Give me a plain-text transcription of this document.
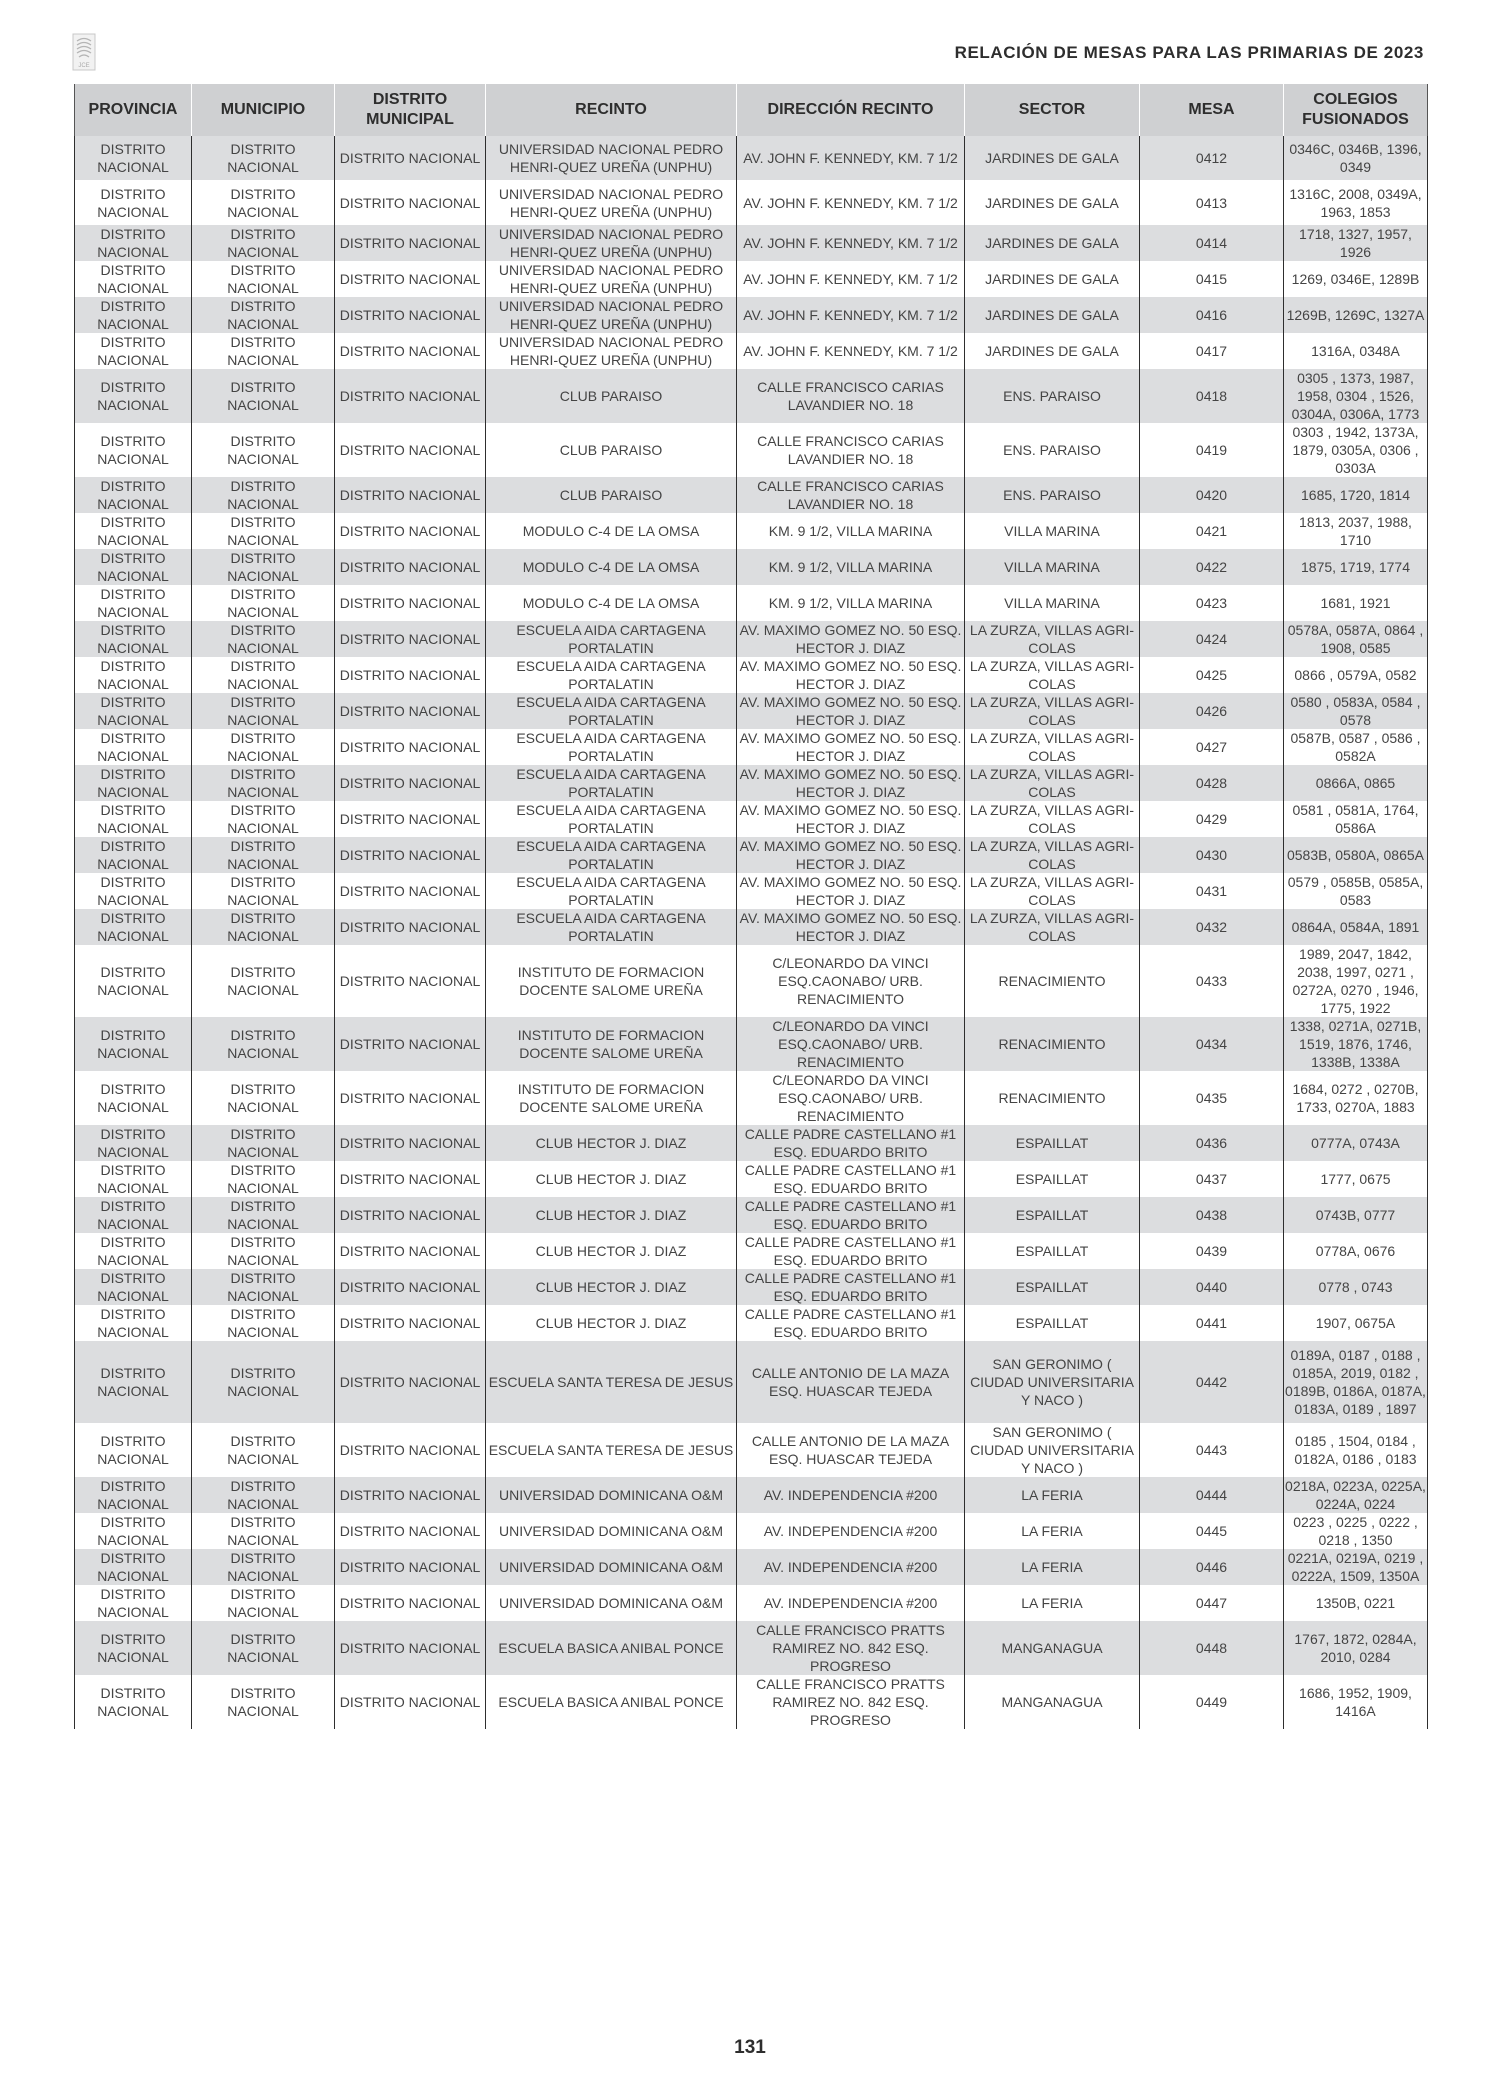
JCE
RELACIÓN DE MESAS PARA LAS PRIMARIAS DE 2023
PROVINCIA	MUNICIPIO	DISTRITO MUNICIPAL	RECINTO	DIRECCIÓN RECINTO	SECTOR	MESA	COLEGIOS FUSIONADOS
DISTRITO NACIONAL	DISTRITO NACIONAL	DISTRITO NACIONAL	UNIVERSIDAD NACIONAL PEDRO HENRI-QUEZ UREÑA (UNPHU)	AV. JOHN F. KENNEDY, KM. 7 1/2	JARDINES DE GALA	0412	0346C, 0346B, 1396, 0349
DISTRITO NACIONAL	DISTRITO NACIONAL	DISTRITO NACIONAL	UNIVERSIDAD NACIONAL PEDRO HENRI-QUEZ UREÑA (UNPHU)	AV. JOHN F. KENNEDY, KM. 7 1/2	JARDINES DE GALA	0413	1316C, 2008, 0349A, 1963, 1853
DISTRITO NACIONAL	DISTRITO NACIONAL	DISTRITO NACIONAL	UNIVERSIDAD NACIONAL PEDRO HENRI-QUEZ UREÑA (UNPHU)	AV. JOHN F. KENNEDY, KM. 7 1/2	JARDINES DE GALA	0414	1718, 1327, 1957, 1926
DISTRITO NACIONAL	DISTRITO NACIONAL	DISTRITO NACIONAL	UNIVERSIDAD NACIONAL PEDRO HENRI-QUEZ UREÑA (UNPHU)	AV. JOHN F. KENNEDY, KM. 7 1/2	JARDINES DE GALA	0415	1269, 0346E, 1289B
DISTRITO NACIONAL	DISTRITO NACIONAL	DISTRITO NACIONAL	UNIVERSIDAD NACIONAL PEDRO HENRI-QUEZ UREÑA (UNPHU)	AV. JOHN F. KENNEDY, KM. 7 1/2	JARDINES DE GALA	0416	1269B, 1269C, 1327A
DISTRITO NACIONAL	DISTRITO NACIONAL	DISTRITO NACIONAL	UNIVERSIDAD NACIONAL PEDRO HENRI-QUEZ UREÑA (UNPHU)	AV. JOHN F. KENNEDY, KM. 7 1/2	JARDINES DE GALA	0417	1316A, 0348A
DISTRITO NACIONAL	DISTRITO NACIONAL	DISTRITO NACIONAL	CLUB PARAISO	CALLE FRANCISCO CARIAS LAVANDIER NO. 18	ENS. PARAISO	0418	0305 , 1373, 1987, 1958, 0304 , 1526, 0304A, 0306A, 1773
DISTRITO NACIONAL	DISTRITO NACIONAL	DISTRITO NACIONAL	CLUB PARAISO	CALLE FRANCISCO CARIAS LAVANDIER NO. 18	ENS. PARAISO	0419	0303 , 1942, 1373A, 1879, 0305A, 0306 , 0303A
DISTRITO NACIONAL	DISTRITO NACIONAL	DISTRITO NACIONAL	CLUB PARAISO	CALLE FRANCISCO CARIAS LAVANDIER NO. 18	ENS. PARAISO	0420	1685, 1720, 1814
DISTRITO NACIONAL	DISTRITO NACIONAL	DISTRITO NACIONAL	MODULO C-4 DE LA OMSA	KM. 9 1/2, VILLA MARINA	VILLA MARINA	0421	1813, 2037, 1988, 1710
DISTRITO NACIONAL	DISTRITO NACIONAL	DISTRITO NACIONAL	MODULO C-4 DE LA OMSA	KM. 9 1/2, VILLA MARINA	VILLA MARINA	0422	1875, 1719, 1774
DISTRITO NACIONAL	DISTRITO NACIONAL	DISTRITO NACIONAL	MODULO C-4 DE LA OMSA	KM. 9 1/2, VILLA MARINA	VILLA MARINA	0423	1681, 1921
DISTRITO NACIONAL	DISTRITO NACIONAL	DISTRITO NACIONAL	ESCUELA AIDA CARTAGENA PORTALATIN	AV. MAXIMO GOMEZ NO. 50 ESQ. HECTOR J. DIAZ	LA ZURZA, VILLAS AGRI-COLAS	0424	0578A, 0587A, 0864 , 1908, 0585
DISTRITO NACIONAL	DISTRITO NACIONAL	DISTRITO NACIONAL	ESCUELA AIDA CARTAGENA PORTALATIN	AV. MAXIMO GOMEZ NO. 50 ESQ. HECTOR J. DIAZ	LA ZURZA, VILLAS AGRI-COLAS	0425	0866 , 0579A, 0582
DISTRITO NACIONAL	DISTRITO NACIONAL	DISTRITO NACIONAL	ESCUELA AIDA CARTAGENA PORTALATIN	AV. MAXIMO GOMEZ NO. 50 ESQ. HECTOR J. DIAZ	LA ZURZA, VILLAS AGRI-COLAS	0426	0580 , 0583A, 0584 , 0578
DISTRITO NACIONAL	DISTRITO NACIONAL	DISTRITO NACIONAL	ESCUELA AIDA CARTAGENA PORTALATIN	AV. MAXIMO GOMEZ NO. 50 ESQ. HECTOR J. DIAZ	LA ZURZA, VILLAS AGRI-COLAS	0427	0587B, 0587 , 0586 , 0582A
DISTRITO NACIONAL	DISTRITO NACIONAL	DISTRITO NACIONAL	ESCUELA AIDA CARTAGENA PORTALATIN	AV. MAXIMO GOMEZ NO. 50 ESQ. HECTOR J. DIAZ	LA ZURZA, VILLAS AGRI-COLAS	0428	0866A, 0865
DISTRITO NACIONAL	DISTRITO NACIONAL	DISTRITO NACIONAL	ESCUELA AIDA CARTAGENA PORTALATIN	AV. MAXIMO GOMEZ NO. 50 ESQ. HECTOR J. DIAZ	LA ZURZA, VILLAS AGRI-COLAS	0429	0581 , 0581A, 1764, 0586A
DISTRITO NACIONAL	DISTRITO NACIONAL	DISTRITO NACIONAL	ESCUELA AIDA CARTAGENA PORTALATIN	AV. MAXIMO GOMEZ NO. 50 ESQ. HECTOR J. DIAZ	LA ZURZA, VILLAS AGRI-COLAS	0430	0583B, 0580A, 0865A
DISTRITO NACIONAL	DISTRITO NACIONAL	DISTRITO NACIONAL	ESCUELA AIDA CARTAGENA PORTALATIN	AV. MAXIMO GOMEZ NO. 50 ESQ. HECTOR J. DIAZ	LA ZURZA, VILLAS AGRI-COLAS	0431	0579 , 0585B, 0585A, 0583
DISTRITO NACIONAL	DISTRITO NACIONAL	DISTRITO NACIONAL	ESCUELA AIDA CARTAGENA PORTALATIN	AV. MAXIMO GOMEZ NO. 50 ESQ. HECTOR J. DIAZ	LA ZURZA, VILLAS AGRI-COLAS	0432	0864A, 0584A, 1891
DISTRITO NACIONAL	DISTRITO NACIONAL	DISTRITO NACIONAL	INSTITUTO DE FORMACION DOCENTE SALOME UREÑA	C/LEONARDO DA VINCI ESQ.CAONABO/ URB. RENACIMIENTO	RENACIMIENTO	0433	1989, 2047, 1842, 2038, 1997, 0271 , 0272A, 0270 , 1946, 1775, 1922
DISTRITO NACIONAL	DISTRITO NACIONAL	DISTRITO NACIONAL	INSTITUTO DE FORMACION DOCENTE SALOME UREÑA	C/LEONARDO DA VINCI ESQ.CAONABO/ URB. RENACIMIENTO	RENACIMIENTO	0434	1338, 0271A, 0271B, 1519, 1876, 1746, 1338B, 1338A
DISTRITO NACIONAL	DISTRITO NACIONAL	DISTRITO NACIONAL	INSTITUTO DE FORMACION DOCENTE SALOME UREÑA	C/LEONARDO DA VINCI ESQ.CAONABO/ URB. RENACIMIENTO	RENACIMIENTO	0435	1684, 0272 , 0270B, 1733, 0270A, 1883
DISTRITO NACIONAL	DISTRITO NACIONAL	DISTRITO NACIONAL	CLUB HECTOR J. DIAZ	CALLE PADRE CASTELLANO #1 ESQ. EDUARDO BRITO	ESPAILLAT	0436	0777A, 0743A
DISTRITO NACIONAL	DISTRITO NACIONAL	DISTRITO NACIONAL	CLUB HECTOR J. DIAZ	CALLE PADRE CASTELLANO #1 ESQ. EDUARDO BRITO	ESPAILLAT	0437	1777, 0675
DISTRITO NACIONAL	DISTRITO NACIONAL	DISTRITO NACIONAL	CLUB HECTOR J. DIAZ	CALLE PADRE CASTELLANO #1 ESQ. EDUARDO BRITO	ESPAILLAT	0438	0743B, 0777
DISTRITO NACIONAL	DISTRITO NACIONAL	DISTRITO NACIONAL	CLUB HECTOR J. DIAZ	CALLE PADRE CASTELLANO #1 ESQ. EDUARDO BRITO	ESPAILLAT	0439	0778A, 0676
DISTRITO NACIONAL	DISTRITO NACIONAL	DISTRITO NACIONAL	CLUB HECTOR J. DIAZ	CALLE PADRE CASTELLANO #1 ESQ. EDUARDO BRITO	ESPAILLAT	0440	0778 , 0743
DISTRITO NACIONAL	DISTRITO NACIONAL	DISTRITO NACIONAL	CLUB HECTOR J. DIAZ	CALLE PADRE CASTELLANO #1 ESQ. EDUARDO BRITO	ESPAILLAT	0441	1907, 0675A
DISTRITO NACIONAL	DISTRITO NACIONAL	DISTRITO NACIONAL	ESCUELA SANTA TERESA DE JESUS	CALLE ANTONIO DE LA MAZA ESQ. HUASCAR TEJEDA	SAN GERONIMO ( CIUDAD UNIVERSITARIA Y NACO )	0442	0189A, 0187 , 0188 , 0185A, 2019, 0182 , 0189B, 0186A, 0187A, 0183A, 0189 , 1897
DISTRITO NACIONAL	DISTRITO NACIONAL	DISTRITO NACIONAL	ESCUELA SANTA TERESA DE JESUS	CALLE ANTONIO DE LA MAZA ESQ. HUASCAR TEJEDA	SAN GERONIMO ( CIUDAD UNIVERSITARIA Y NACO )	0443	0185 , 1504, 0184 , 0182A, 0186 , 0183
DISTRITO NACIONAL	DISTRITO NACIONAL	DISTRITO NACIONAL	UNIVERSIDAD DOMINICANA O&M	AV. INDEPENDENCIA #200	LA FERIA	0444	0218A, 0223A, 0225A, 0224A, 0224
DISTRITO NACIONAL	DISTRITO NACIONAL	DISTRITO NACIONAL	UNIVERSIDAD DOMINICANA O&M	AV. INDEPENDENCIA #200	LA FERIA	0445	0223 , 0225 , 0222 , 0218 , 1350
DISTRITO NACIONAL	DISTRITO NACIONAL	DISTRITO NACIONAL	UNIVERSIDAD DOMINICANA O&M	AV. INDEPENDENCIA #200	LA FERIA	0446	0221A, 0219A, 0219 , 0222A, 1509, 1350A
DISTRITO NACIONAL	DISTRITO NACIONAL	DISTRITO NACIONAL	UNIVERSIDAD DOMINICANA O&M	AV. INDEPENDENCIA #200	LA FERIA	0447	1350B, 0221
DISTRITO NACIONAL	DISTRITO NACIONAL	DISTRITO NACIONAL	ESCUELA BASICA ANIBAL PONCE	CALLE FRANCISCO PRATTS RAMIREZ NO. 842 ESQ. PROGRESO	MANGANAGUA	0448	1767, 1872, 0284A, 2010, 0284
DISTRITO NACIONAL	DISTRITO NACIONAL	DISTRITO NACIONAL	ESCUELA BASICA ANIBAL PONCE	CALLE FRANCISCO PRATTS RAMIREZ NO. 842 ESQ. PROGRESO	MANGANAGUA	0449	1686, 1952, 1909, 1416A
131
